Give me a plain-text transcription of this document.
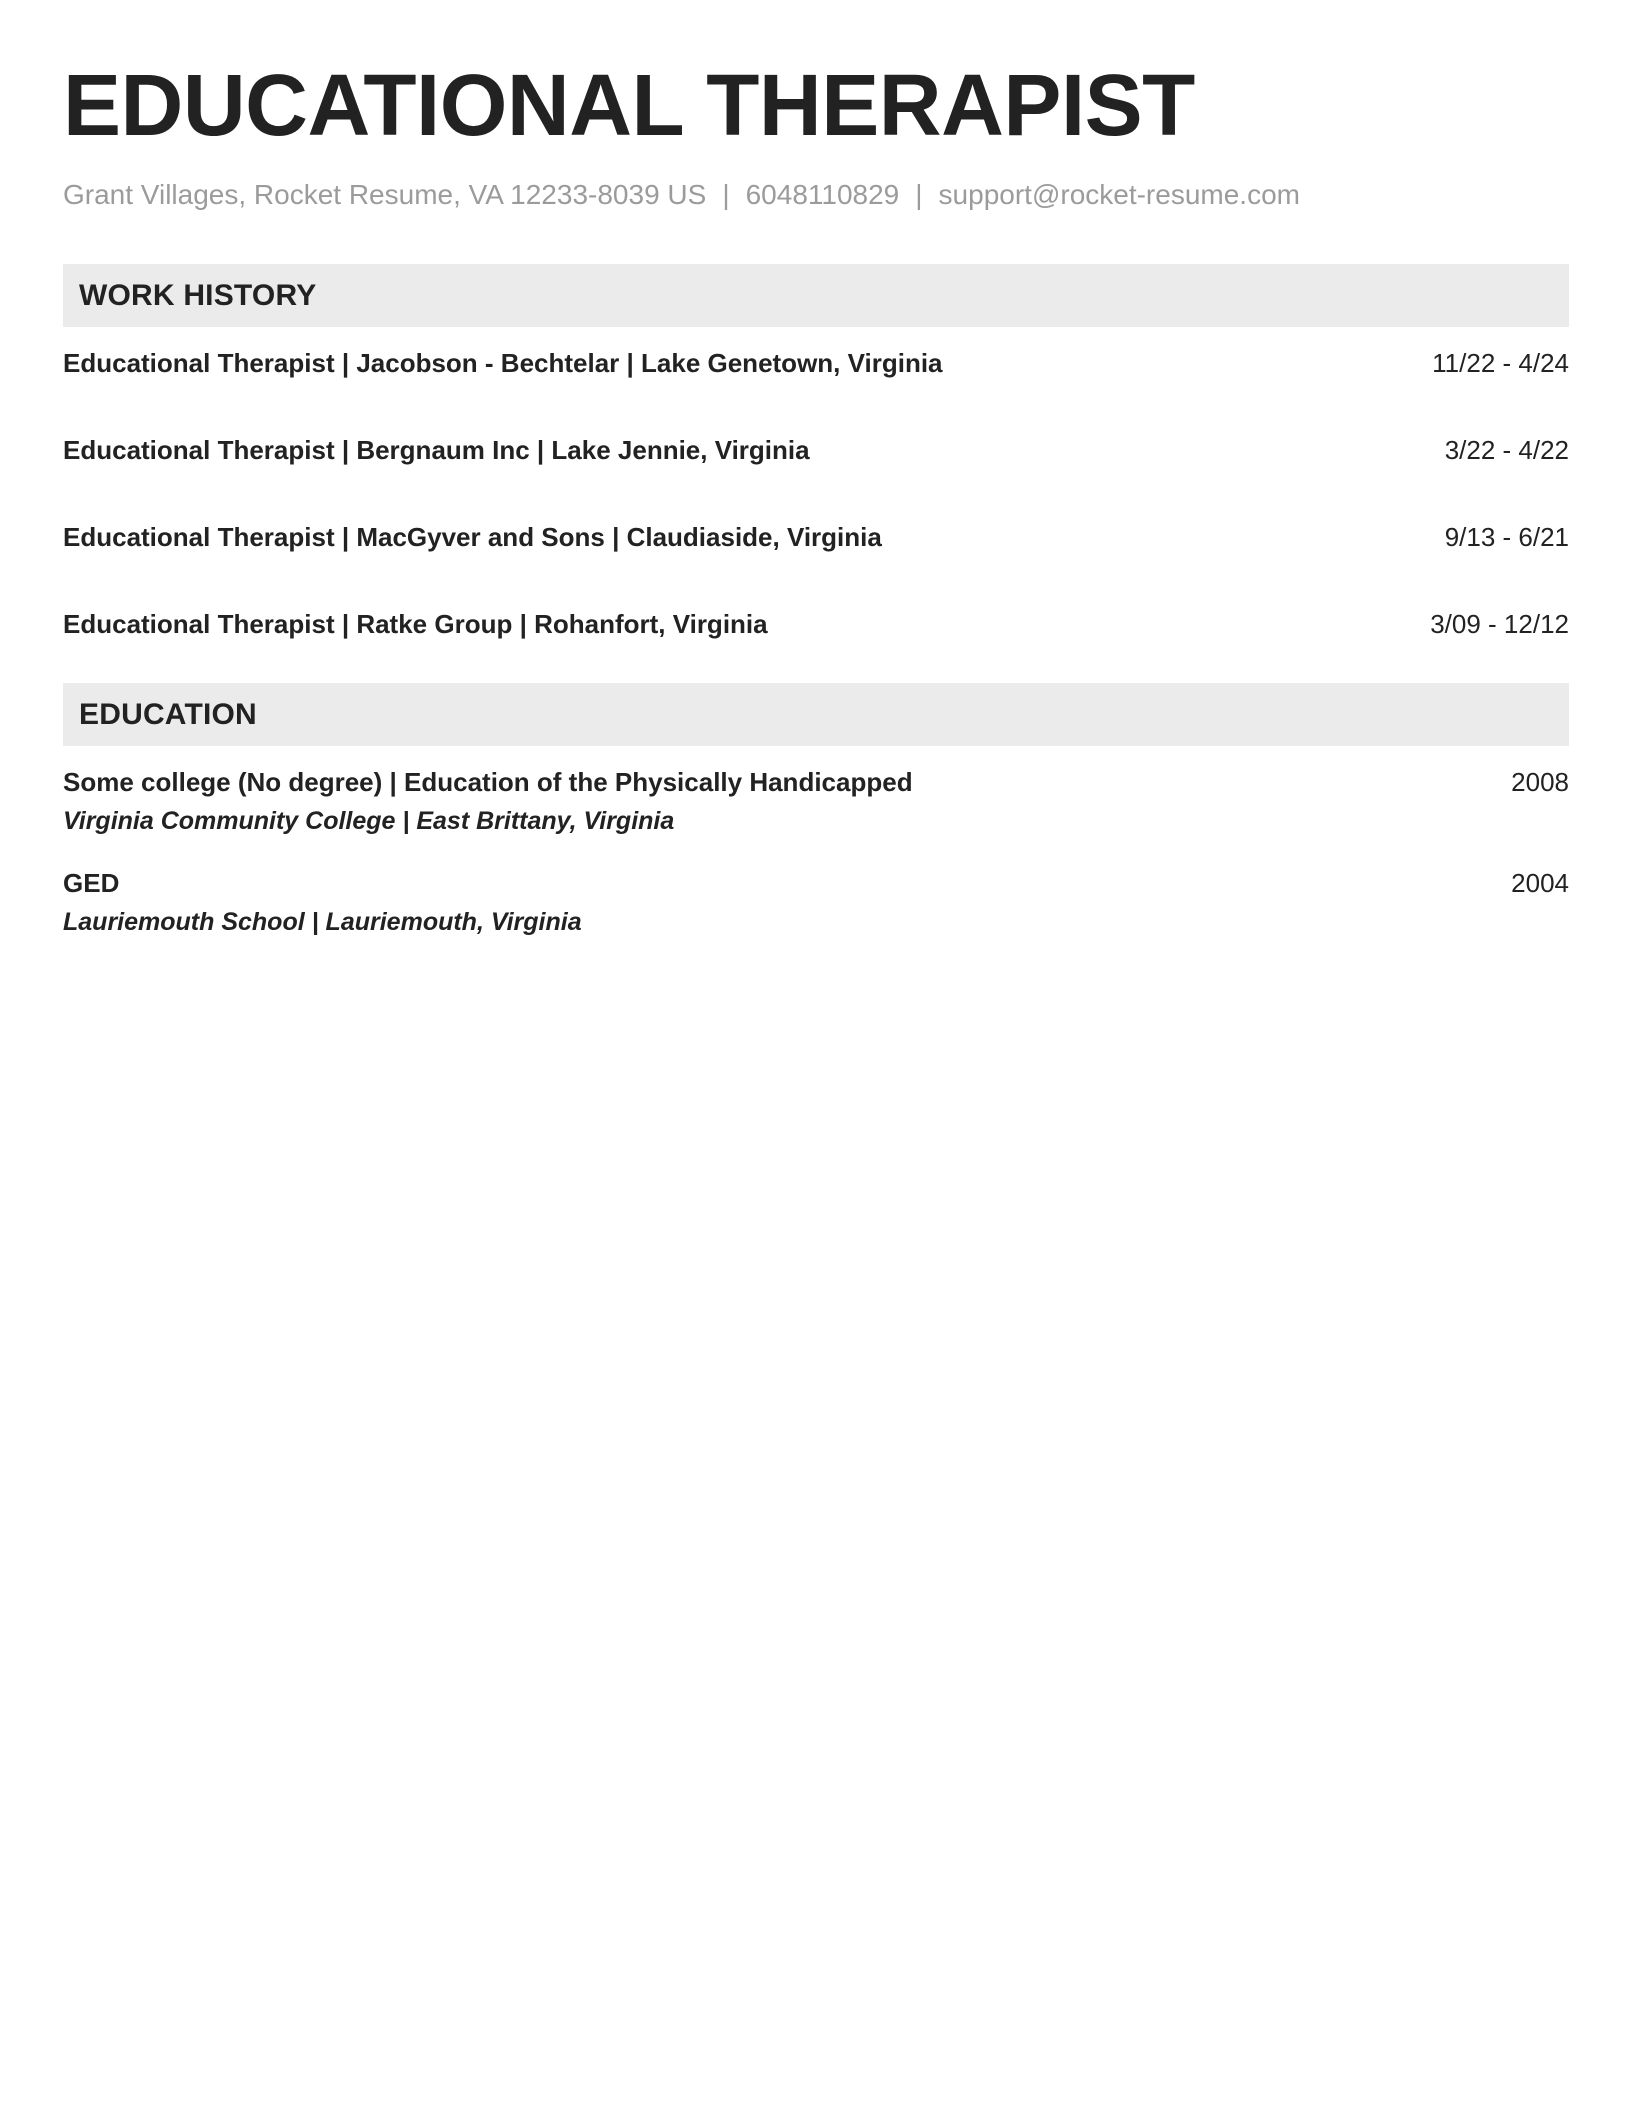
EDUCATIONAL THERAPIST
Grant Villages, Rocket Resume, VA 12233-8039 US | 6048110829 | support@rocket-resume.com
WORK HISTORY
Educational Therapist | Jacobson - Bechtelar | Lake Genetown, Virginia	11/22 - 4/24
Educational Therapist | Bergnaum Inc | Lake Jennie, Virginia	3/22 - 4/22
Educational Therapist | MacGyver and Sons | Claudiaside, Virginia	9/13 - 6/21
Educational Therapist | Ratke Group | Rohanfort, Virginia	3/09 - 12/12
EDUCATION
Some college (No degree) | Education of the Physically Handicapped	2008
Virginia Community College | East Brittany, Virginia
GED	2004
Lauriemouth School | Lauriemouth, Virginia
